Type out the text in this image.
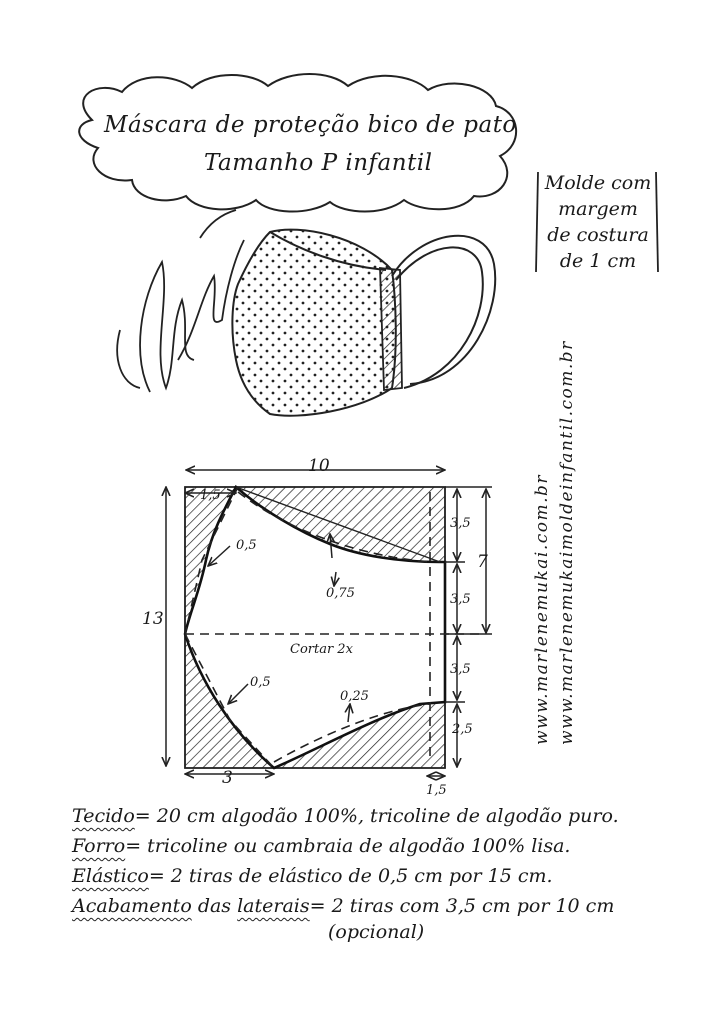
Máscara de proteção bico de pato
Tamanho P infantil
Molde com
margem
de costura
de 1 cm
www.marlenemukai.com.br www.marlenemukaimoldeinfantil.com.br
10
13
1,5
3
1,5
0,5
0,5
0,75
0,25
3,5
3,5
7
3,5
2,5
Cortar 2x
Tecido= 20 cm algodão 100%, tricoline de algodão puro.
Forro= tricoline ou cambraia de algodão 100% lisa.
Elástico= 2 tiras de elástico de 0,5 cm por 15 cm.
Acabamento das laterais= 2 tiras com 3,5 cm por 10 cm
(opcional)
